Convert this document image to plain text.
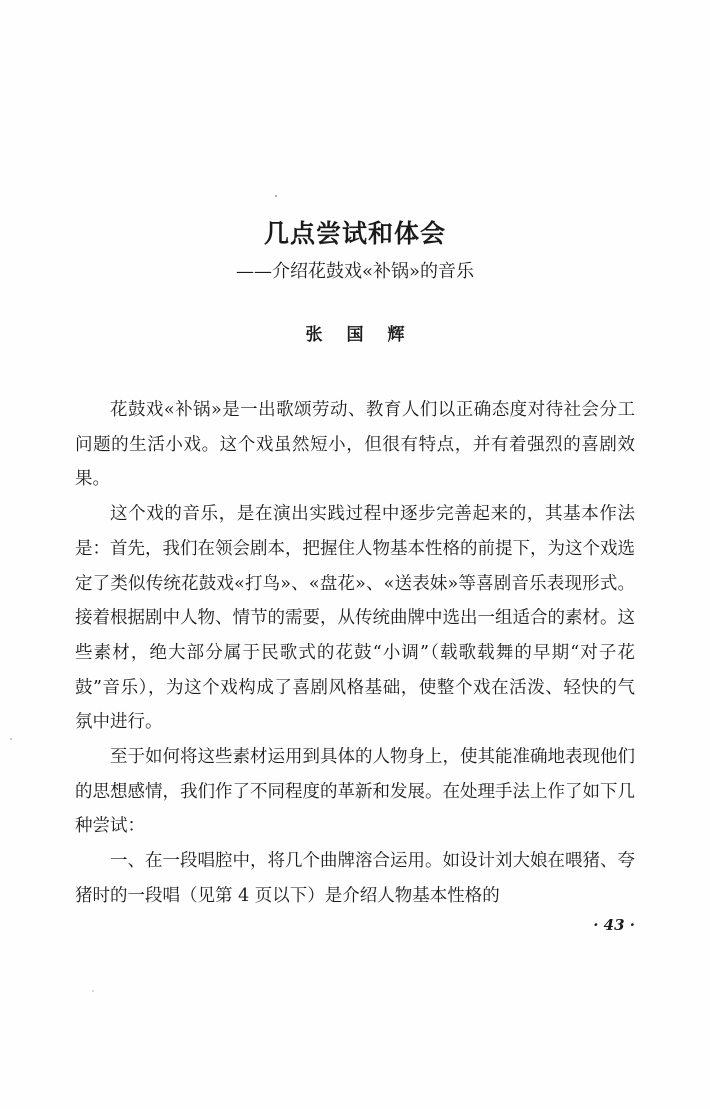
几点尝试和体会
——介绍花鼓戏«补锅»的音乐
张国辉

花鼓戏«补锅»是一出歌颂劳动、教育人们以正确态度对待社会分工问题的生活小戏。这个戏虽然短小，但很有特点，并有着强烈的喜剧效果。

这个戏的音乐，是在演出实践过程中逐步完善起来的，其基本作法是：首先，我们在领会剧本，把握住人物基本性格的前提下，为这个戏选定了类似传统花鼓戏«打鸟»、«盘花»、«送表妹»等喜剧音乐表现形式。接着根据剧中人物、情节的需要，从传统曲牌中选出一组适合的素材。这些素材，绝大部分属于民歌式的花鼓“小调”（载歌载舞的早期“对子花鼓”音乐），为这个戏构成了喜剧风格基础，使整个戏在活泼、轻快的气氛中进行。

至于如何将这些素材运用到具体的人物身上，使其能准确地表现他们的思想感情，我们作了不同程度的革新和发展。在处理手法上作了如下几种尝试：

一、在一段唱腔中，将几个曲牌溶合运用。如设计刘大娘在喂猪、夸猪时的一段唱（见第 4 页以下）是介绍人物基本性格的

· 43 ·
